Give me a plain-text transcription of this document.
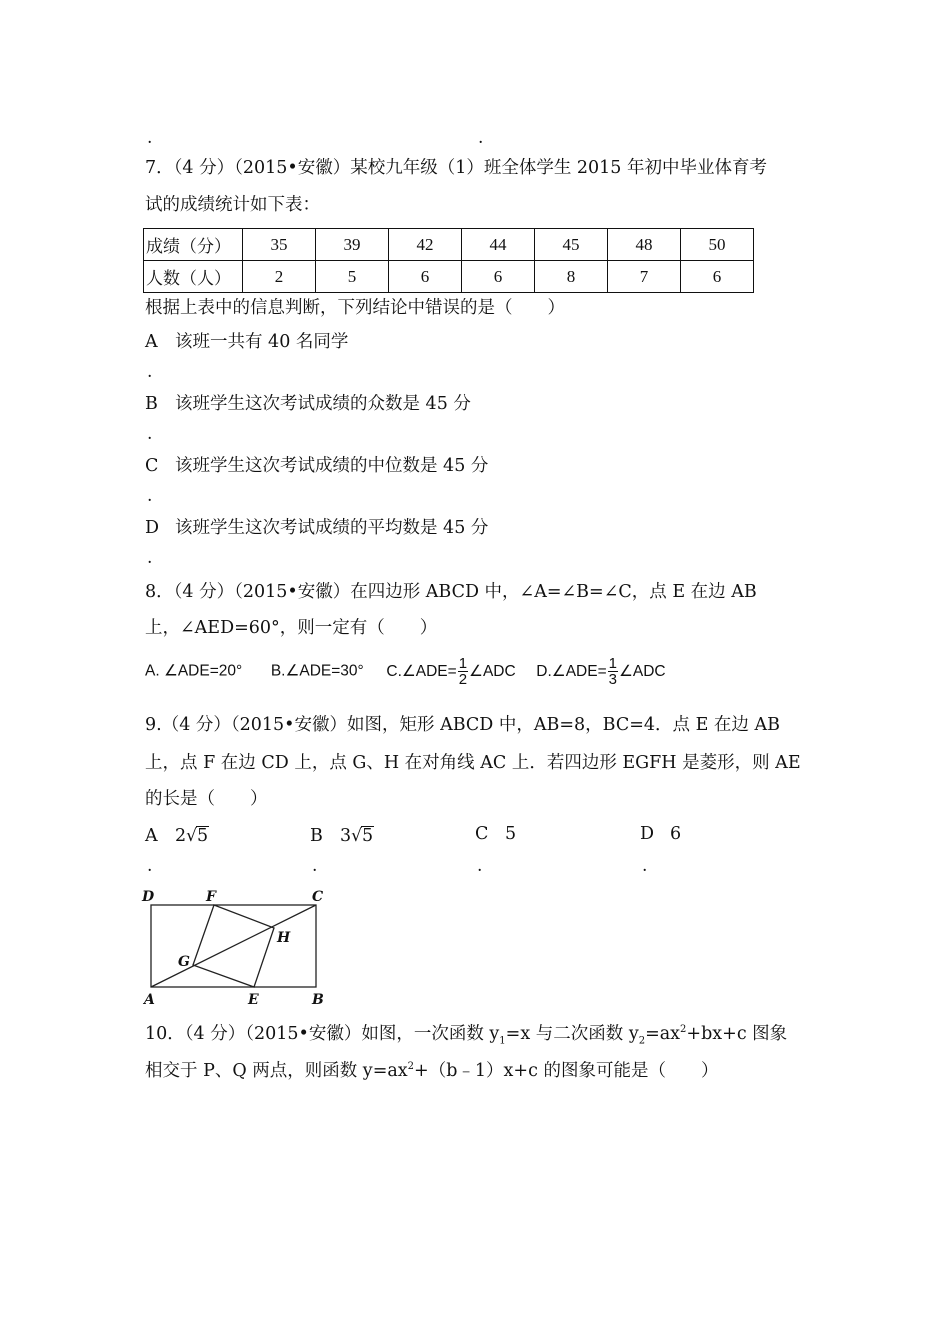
.	.
7．（4 分）（2015•安徽）某校九年级（1）班全体学生 2015 年初中毕业体育考
试的成绩统计如下表：
成绩（分）	35	39	42	44	45	48	50
人数（人）	2	5	6	6	8	7	6
根据上表中的信息判断，下列结论中错误的是（　　）
A 该班一共有 40 名同学
.
B 该班学生这次考试成绩的众数是 45 分
.
C 该班学生这次考试成绩的中位数是 45 分
.
D 该班学生这次考试成绩的平均数是 45 分
.
8．（4 分）（2015•安徽）在四边形 ABCD 中，∠A=∠B=∠C，点 E 在边 AB
上，∠AED=60°，则一定有（　　）
A. ∠ADE=20° B.∠ADE=30° C.∠ADE= $\frac{1}{2}$ ∠ADC D.∠ADE= $\frac{1}{3}$ ∠ADC
9.（4 分）（2015•安徽）如图，矩形 ABCD 中，AB=8，BC=4．点 E 在边 AB
上，点 F 在边 CD 上，点 G、H 在对角线 AC 上．若四边形 EGFH 是菱形，则 AE
的长是（　　）
A 2√5	B 3√5	C 5	D 6
.	.	.	.
D	F	C
H
G
A	E	B
10．（4 分）（2015•安徽）如图，一次函数 $y_1=x$ 与二次函数 $y_2=ax^2+bx+c$ 图象
相交于 P、Q 两点，则函数 $y=ax^2+(b﹣1)x+c$ 的图象可能是（　　）
